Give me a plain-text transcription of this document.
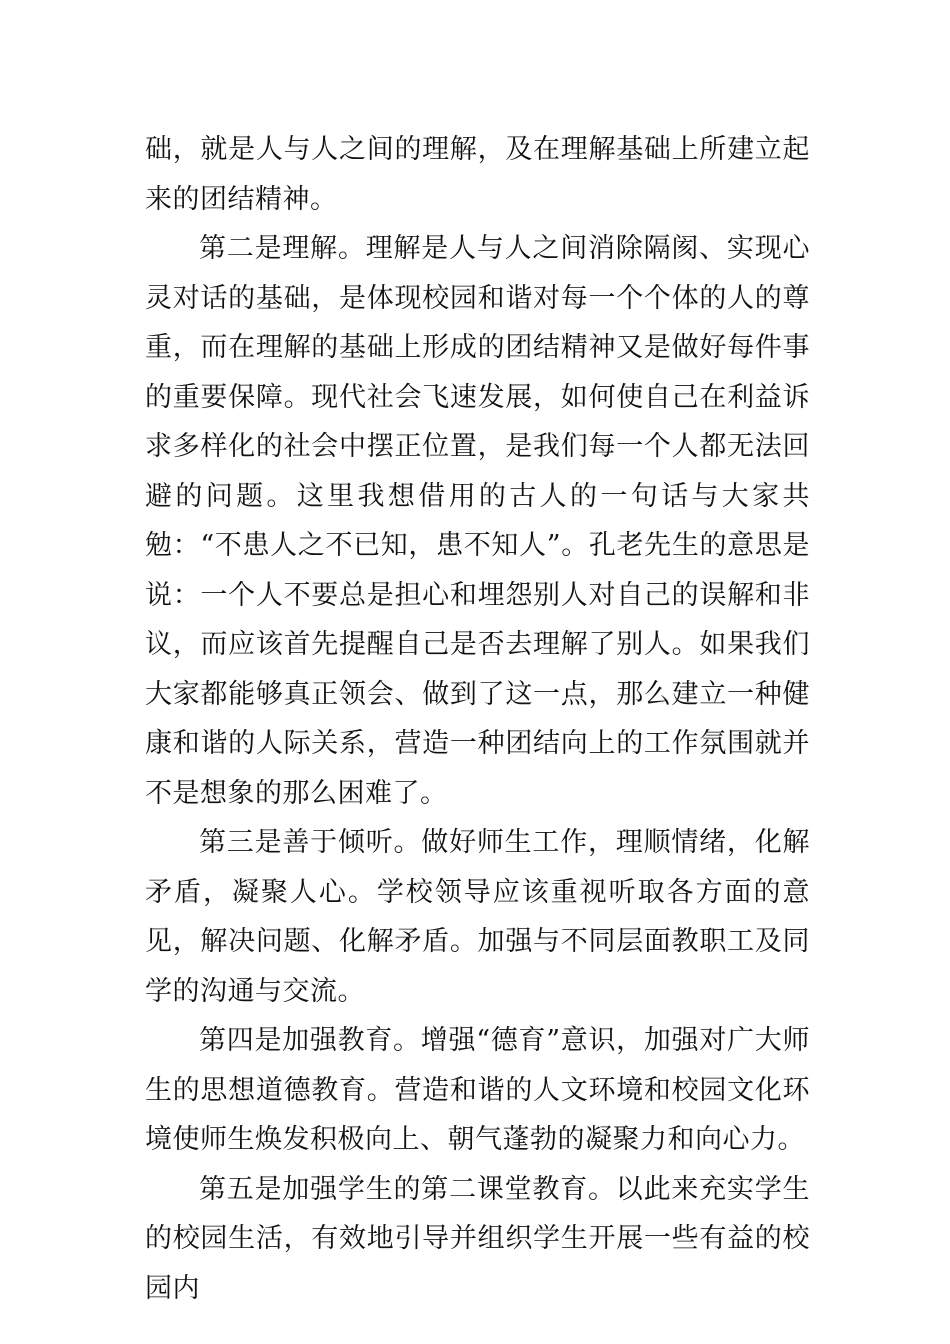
础，就是人与人之间的理解，及在理解基础上所建立起来的团结精神。

第二是理解。理解是人与人之间消除隔阂、实现心灵对话的基础，是体现校园和谐对每一个个体的人的尊重，而在理解的基础上形成的团结精神又是做好每件事的重要保障。现代社会飞速发展，如何使自己在利益诉求多样化的社会中摆正位置，是我们每一个人都无法回避的问题。这里我想借用的古人的一句话与大家共勉：“不患人之不已知，患不知人”。孔老先生的意思是说：一个人不要总是担心和埋怨别人对自己的误解和非议，而应该首先提醒自己是否去理解了别人。如果我们大家都能够真正领会、做到了这一点，那么建立一种健康和谐的人际关系，营造一种团结向上的工作氛围就并不是想象的那么困难了。

第三是善于倾听。做好师生工作，理顺情绪，化解矛盾，凝聚人心。学校领导应该重视听取各方面的意见，解决问题、化解矛盾。加强与不同层面教职工及同学的沟通与交流。

第四是加强教育。增强“德育”意识，加强对广大师生的思想道德教育。营造和谐的人文环境和校园文化环境使师生焕发积极向上、朝气蓬勃的凝聚力和向心力。

第五是加强学生的第二课堂教育。以此来充实学生的校园生活，有效地引导并组织学生开展一些有益的校园内
